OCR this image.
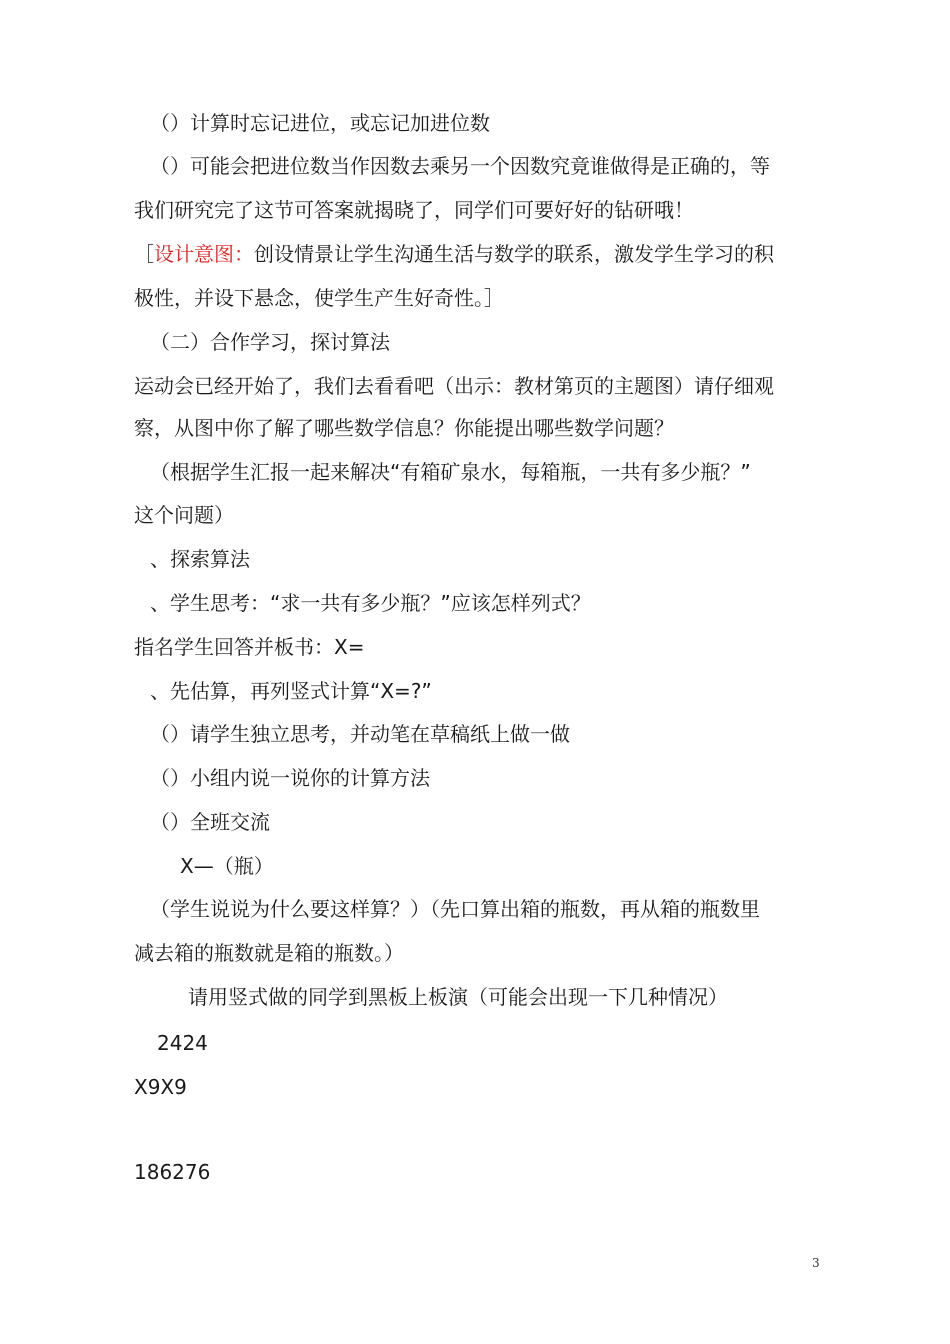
（）计算时忘记进位，或忘记加进位数
（）可能会把进位数当作因数去乘另一个因数究竟谁做得是正确的，等
我们研究完了这节可答案就揭晓了，同学们可要好好的钻研哦！
［设计意图：创设情景让学生沟通生活与数学的联系，激发学生学习的积
极性，并设下悬念，使学生产生好奇性。］
（二）合作学习，探讨算法
运动会已经开始了，我们去看看吧（出示：教材第页的主题图）请仔细观
察，从图中你了解了哪些数学信息？你能提出哪些数学问题？
（根据学生汇报一起来解决“有箱矿泉水，每箱瓶，一共有多少瓶？”
这个问题）
、探索算法
、学生思考：“求一共有多少瓶？”应该怎样列式？
指名学生回答并板书：X=
、先估算，再列竖式计算“X=?”
（）请学生独立思考，并动笔在草稿纸上做一做
（）小组内说一说你的计算方法
（）全班交流
X—（瓶）
（学生说说为什么要这样算？）（先口算出箱的瓶数，再从箱的瓶数里
减去箱的瓶数就是箱的瓶数。）
请用竖式做的同学到黑板上板演（可能会出现一下几种情况）
2424
X9X9
186276
3
